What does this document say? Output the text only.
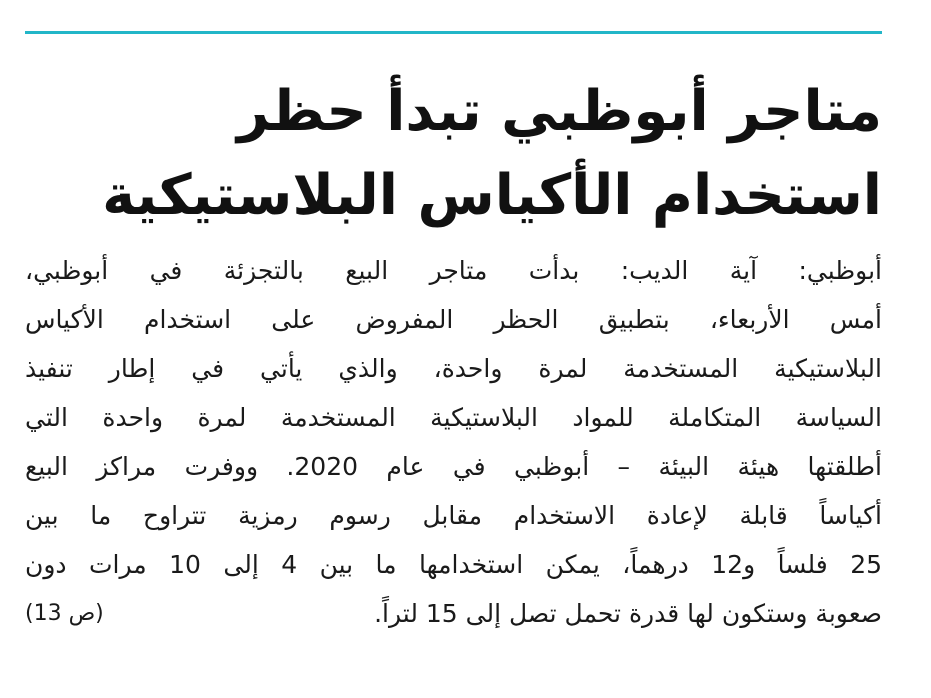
متاجر أبوظبي تبدأ حظر
استخدام الأكياس البلاستيكية
أبوظبي: آية الديب: بدأت متاجر البيع بالتجزئة في أبوظبي،
أمس الأربعاء، بتطبيق الحظر المفروض على استخدام الأكياس
البلاستيكية المستخدمة لمرة واحدة، والذي يأتي في إطار تنفيذ
السياسة المتكاملة للمواد البلاستيكية المستخدمة لمرة واحدة التي
أطلقتها هيئة البيئة – أبوظبي في عام 2020. ووفرت مراكز البيع
أكياساً قابلة لإعادة الاستخدام مقابل رسوم رمزية تتراوح ما بين
25 فلساً و12 درهماً، يمكن استخدامها ما بين 4 إلى 10 مرات دون
صعوبة وستكون لها قدرة تحمل تصل إلى 15 لتراً.
(ص 13)
